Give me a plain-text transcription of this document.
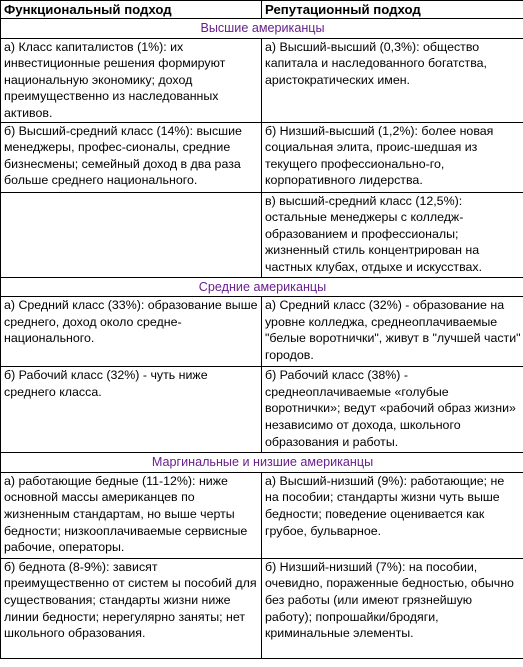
Функциональный подход	Репутационный подход
Высшие американцы	
а) Класс капиталистов (1%): их инвестиционные решения формируют национальную экономику; доход преимущественно из наследованных активов.	а) Высший-высший (0,3%): общество капитала и наследованного богатства, аристократических имен.
б) Высший-средний класс (14%): высшие менеджеры, профес-сионалы, средние бизнесмены; семейный доход в два раза больше среднего национального.	б) Низший-высший (1,2%): более новая социальная элита, проис-шедшая из текущего профессионально-го, корпоративного лидерства.
	в) высший-средний класс (12,5%): остальные менеджеры с колледж-образованием и профессионалы; жизненный стиль концентрирован на частных клубах, отдыхе и искусствах.
Средние американцы	
а) Средний класс (33%): образование выше среднего, доход около средне-национального.	а) Средний класс (32%) - образование на уровне колледжа, среднеоплачиваемые "белые воротнички", живут в "лучшей части" городов.
б) Рабочий класс (32%) - чуть ниже среднего класса.	б) Рабочий класс (38%) - среднеоплачиваемые «голубые воротнички»; ведут «рабочий образ жизни» независимо от дохода, школьного образования и работы.
Маргинальные и низшие американцы	
а) работающие бедные (11-12%): ниже основной массы американцев по жизненным стандартам, но выше черты бедности; низкооплачиваемые сервисные рабочие, операторы.	а) Высший-низший (9%): работающие; не на пособии; стандарты жизни чуть выше бедности; поведение оценивается как грубое, бульварное.
б) беднота (8-9%): зависят преимущественно от систем ы пособий для существования; стандарты жизни ниже линии бедности; нерегулярно заняты; нет школьного образования.	б) Низший-низший (7%): на пособии, очевидно, пораженные бедностью, обычно без работы (или имеют грязнейшую работу); попрошайки/бродяги, криминальные элементы.
